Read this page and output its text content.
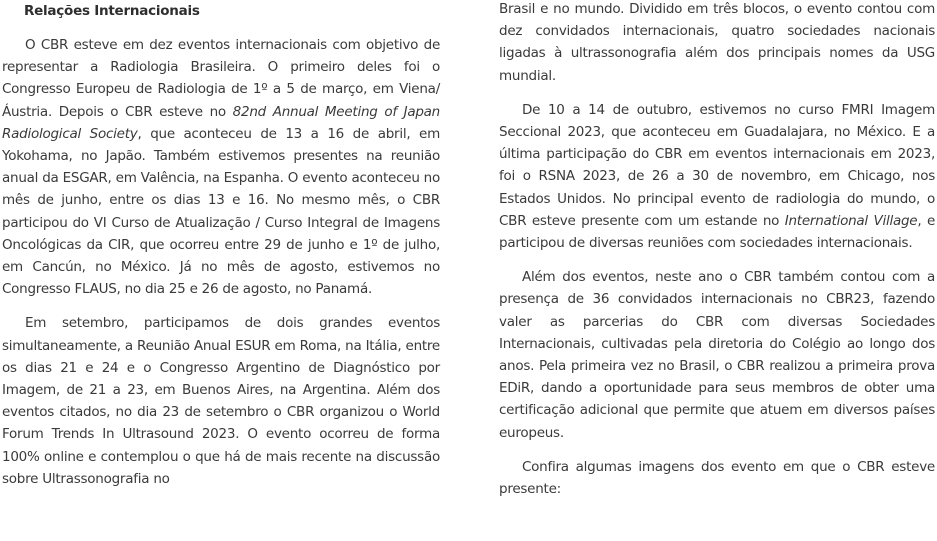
Relações Internacionais

O CBR esteve em dez eventos internacionais com objetivo de representar a Radiologia Brasileira. O primeiro deles foi o Congresso Europeu de Radiologia de 1º a 5 de março, em Viena/Áustria. Depois o CBR esteve no 82nd Annual Meeting of Japan Radiological Society, que aconteceu de 13 a 16 de abril, em Yokohama, no Japão. Também estivemos presentes na reunião anual da ESGAR, em Valência, na Espanha. O evento aconteceu no mês de junho, entre os dias 13 e 16. No mesmo mês, o CBR participou do VI Curso de Atualização / Curso Integral de Imagens Oncológicas da CIR, que ocorreu entre 29 de junho e 1º de julho, em Cancún, no México. Já no mês de agosto, estivemos no Congresso FLAUS, no dia 25 e 26 de agosto, no Panamá.

Em setembro, participamos de dois grandes eventos simultaneamente, a Reunião Anual ESUR em Roma, na Itália, entre os dias 21 e 24 e o Congresso Argentino de Diagnóstico por Imagem, de 21 a 23, em Buenos Aires, na Argentina. Além dos eventos citados, no dia 23 de setembro o CBR organizou o World Forum Trends In Ultrasound 2023. O evento ocorreu de forma 100% online e contemplou o que há de mais recente na discussão sobre Ultrassonografia no

Brasil e no mundo. Dividido em três blocos, o evento contou com dez convidados internacionais, quatro sociedades nacionais ligadas à ultrassonografia além dos principais nomes da USG mundial.

De 10 a 14 de outubro, estivemos no curso FMRI Imagem Seccional 2023, que aconteceu em Guadalajara, no México. E a última participação do CBR em eventos internacionais em 2023, foi o RSNA 2023, de 26 a 30 de novembro, em Chicago, nos Estados Unidos. No principal evento de radiologia do mundo, o CBR esteve presente com um estande no International Village, e participou de diversas reuniões com sociedades internacionais.

Além dos eventos, neste ano o CBR também contou com a presença de 36 convidados internacionais no CBR23, fazendo valer as parcerias do CBR com diversas Sociedades Internacionais, cultivadas pela diretoria do Colégio ao longo dos anos. Pela primeira vez no Brasil, o CBR realizou a primeira prova EDiR, dando a oportunidade para seus membros de obter uma certificação adicional que permite que atuem em diversos países europeus.

Confira algumas imagens dos evento em que o CBR esteve presente:
